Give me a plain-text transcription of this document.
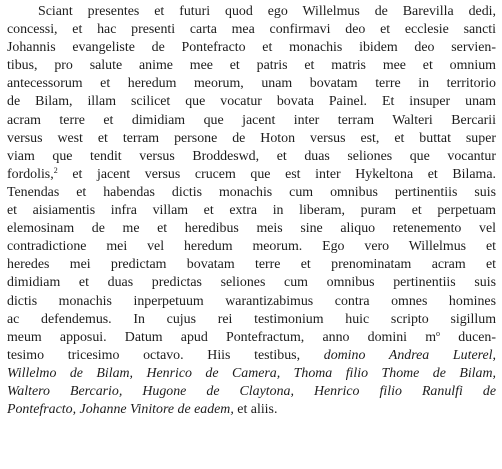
Sciant presentes et futuri quod ego Willelmus de Barevilla dedi,
concessi, et hac presenti carta mea confirmavi deo et ecclesie sancti
Johannis evangeliste de Pontefracto et monachis ibidem deo servien-
tibus, pro salute anime mee et patris et matris mee et omnium
antecessorum et heredum meorum, unam bovatam terre in territorio
de Bilam, illam scilicet que vocatur bovata Painel. Et insuper unam
acram terre et dimidiam que jacent inter terram Walteri Bercarii
versus west et terram persone de Hoton versus est, et buttat super
viam que tendit versus Broddeswd, et duas seliones que vocantur
fordolis,$^2$ et jacent versus crucem que est inter Hykeltona et Bilama.
Tenendas et habendas dictis monachis cum omnibus pertinentiis suis
et aisiamentis infra villam et extra in liberam, puram et perpetuam
elemosinam de me et heredibus meis sine aliquo retenemento vel
contradictione mei vel heredum meorum. Ego vero Willelmus et
heredes mei predictam bovatam terre et prenominatam acram et
dimidiam et duas predictas seliones cum omnibus pertinentiis suis
dictis monachis inperpetuum warantizabimus contra omnes homines
ac defendemus. In cujus rei testimonium huic scripto sigillum
meum apposui. Datum apud Pontefractum, anno domini $m^o$ ducen-
tesimo tricesimo octavo. Hiis testibus, domino Andrea Luterel,
Willelmo de Bilam, Henrico de Camera, Thoma filio Thome de Bilam,
Waltero Bercario, Hugone de Claytona, Henrico filio Ranulfi de
Pontefracto, Johanne Vinitore de eadem, et aliis.
